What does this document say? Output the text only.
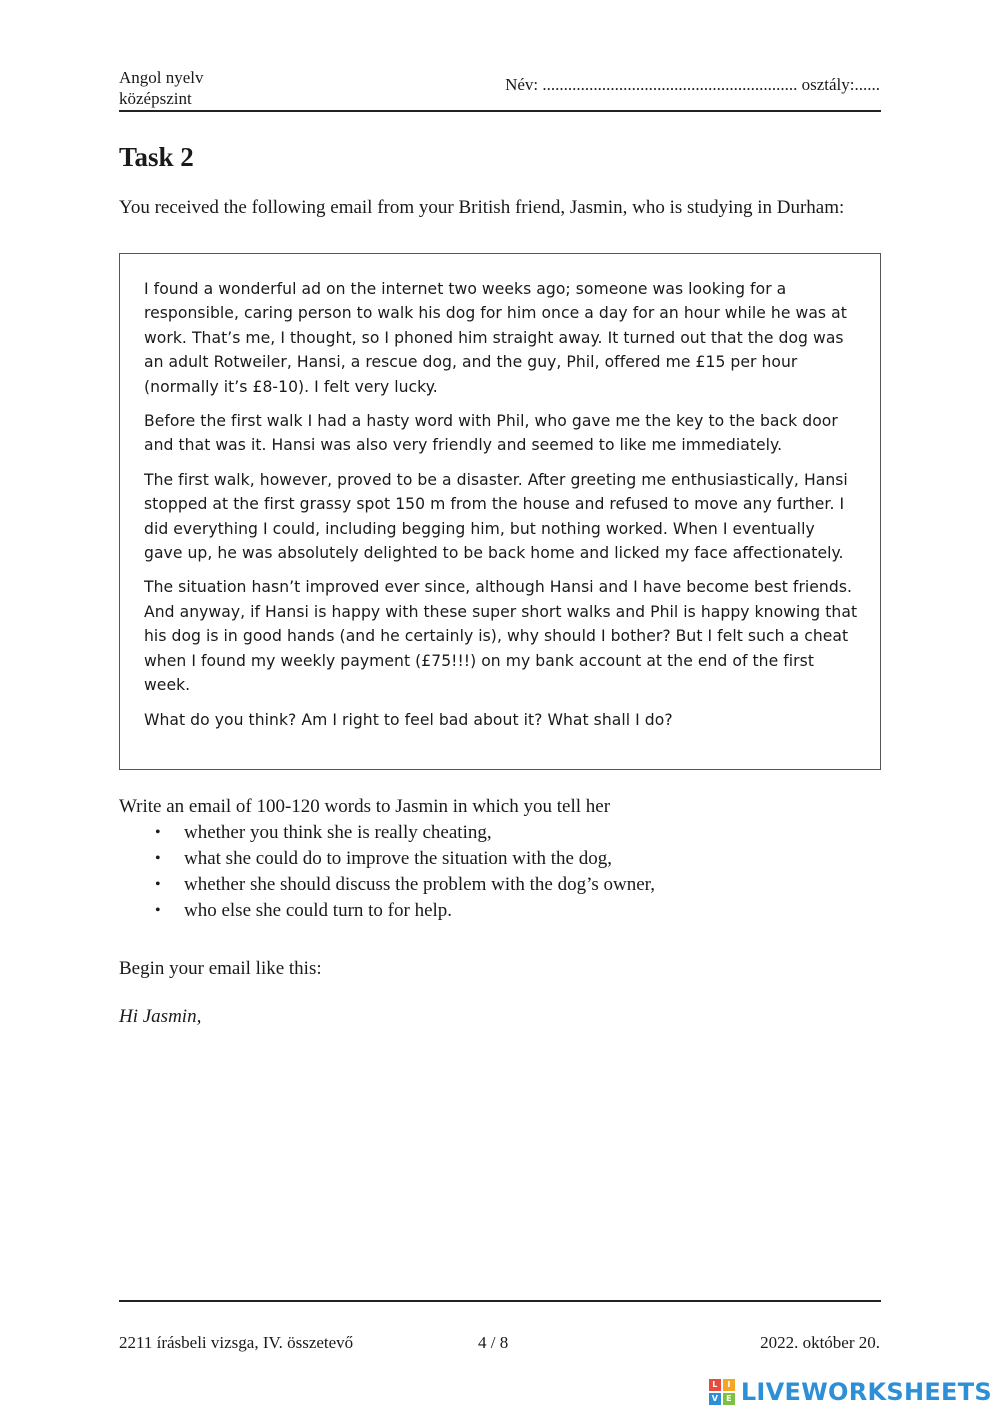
Angol nyelv
középszint
Név: ............................................................ osztály:......
Task 2

You received the following email from your British friend, Jasmin, who is studying in Durham:

I found a wonderful ad on the internet two weeks ago; someone was looking for a responsible, caring person to walk his dog for him once a day for an hour while he was at work. That’s me, I thought, so I phoned him straight away. It turned out that the dog was an adult Rotweiler, Hansi, a rescue dog, and the guy, Phil, offered me £15 per hour (normally it’s £8-10). I felt very lucky.

Before the first walk I had a hasty word with Phil, who gave me the key to the back door and that was it. Hansi was also very friendly and seemed to like me immediately.

The first walk, however, proved to be a disaster. After greeting me enthusiastically, Hansi stopped at the first grassy spot 150 m from the house and refused to move any further. I did everything I could, including begging him, but nothing worked. When I eventually gave up, he was absolutely delighted to be back home and licked my face affectionately.

The situation hasn’t improved ever since, although Hansi and I have become best friends. And anyway, if Hansi is happy with these super short walks and Phil is happy knowing that his dog is in good hands (and he certainly is), why should I bother? But I felt such a cheat when I found my weekly payment (£75!!!) on my bank account at the end of the first week.

What do you think? Am I right to feel bad about it? What shall I do?

Write an email of 100-120 words to Jasmin in which you tell her
• whether you think she is really cheating,
• what she could do to improve the situation with the dog,
• whether she should discuss the problem with the dog’s owner,
• who else she could turn to for help.
Begin your email like this:
Hi Jasmin,
2211 írásbeli vizsga, IV. összetevő	4 / 8	2022. október 20.
L	I
V	E LIVEWORKSHEETS
